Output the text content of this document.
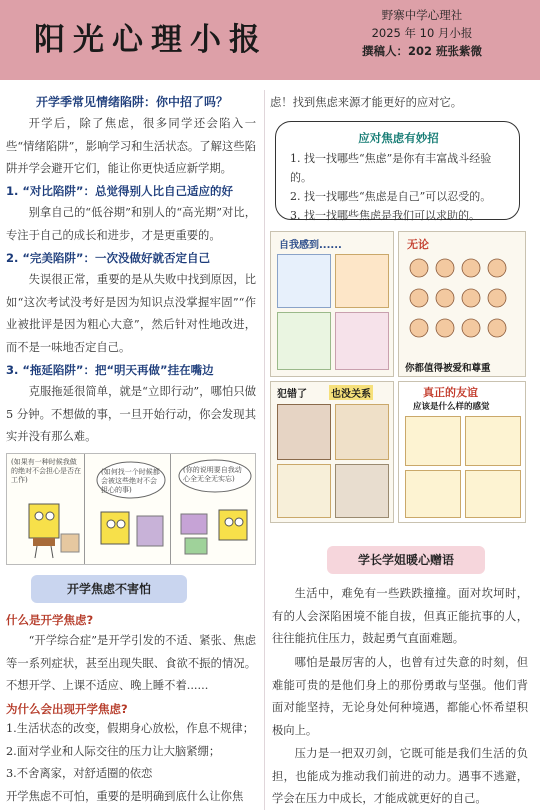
阳光心理小报
野寨中学心理社
2025 年 10 月小报
撰稿人：202 班张紫微
开学季常见情绪陷阱：你中招了吗？
开学后，除了焦虑，很多同学还会陷入一些“情绪陷阱”，影响学习和生活状态。了解这些陷阱并学会避开它们，能让你更快适应新学期。
1. “对比陷阱”：总觉得别人比自己适应的好
别拿自己的“低谷期”和别人的“高光期”对比，专注于自己的成长和进步，才是更重要的。
2. “完美陷阱”：一次没做好就否定自己
失误很正常，重要的是从失败中找到原因，比如“这次考试没考好是因为知识点没掌握牢固”“作业被批评是因为粗心大意”，然后针对性地改进，而不是一味地否定自己。
3. “拖延陷阱”：把“明天再做”挂在嘴边
克服拖延很简单，就是“立即行动”，哪怕只做 5 分钟。不想做的事，一旦开始行动，你会发现其实并没有那么难。
(如果有一种时候我做的绝对不会担心是否在工作)
(如何找一个时候都会被这些绝对不会担心的事)
(你的说明要自我动心全无全无实忘)
开学焦虑不害怕
什么是开学焦虑?
“开学综合症”是开学引发的不适、紧张、焦虑等一系列症状，甚至出现失眠、食欲不振的情况。不想开学、上课不适应、晚上睡不着......
为什么会出现开学焦虑?
1.生活状态的改变，假期身心放松，作息不规律；
2.面对学业和人际交往的压力让大脑紧绷；
3.不舍离家，对舒适圈的依恋
开学焦虑不可怕，重要的是明确到底什么让你焦
虑！找到焦虑来源才能更好的应对它。
应对焦虑有妙招
1. 找一找哪些“焦虑”是你有丰富战斗经验的。
2. 找一找哪些“焦虑是自己”可以忍受的。
3. 找一找哪些焦虑是我们可以求助的。
自我感到......	无论
你都值得被爱和尊重
犯错了 也没关系	真正的友谊
应该是什么样的感觉
学长学姐暖心赠语
生活中，难免有一些跌跌撞撞。面对坎坷时，有的人会深陷困境不能自拔，但真正能抗事的人，往往能抗住压力，鼓起勇气直面难题。
哪怕是最厉害的人，也曾有过失意的时刻，但难能可贵的是他们身上的那份勇敢与坚强。他们背面对能坚持，无论身处何种境遇，都能心怀希望积极向上。
压力是一把双刃剑，它既可能是我们生活的负担，也能成为推动我们前进的动力。遇事不逃避，学会在压力中成长，才能成就更好的自己。
